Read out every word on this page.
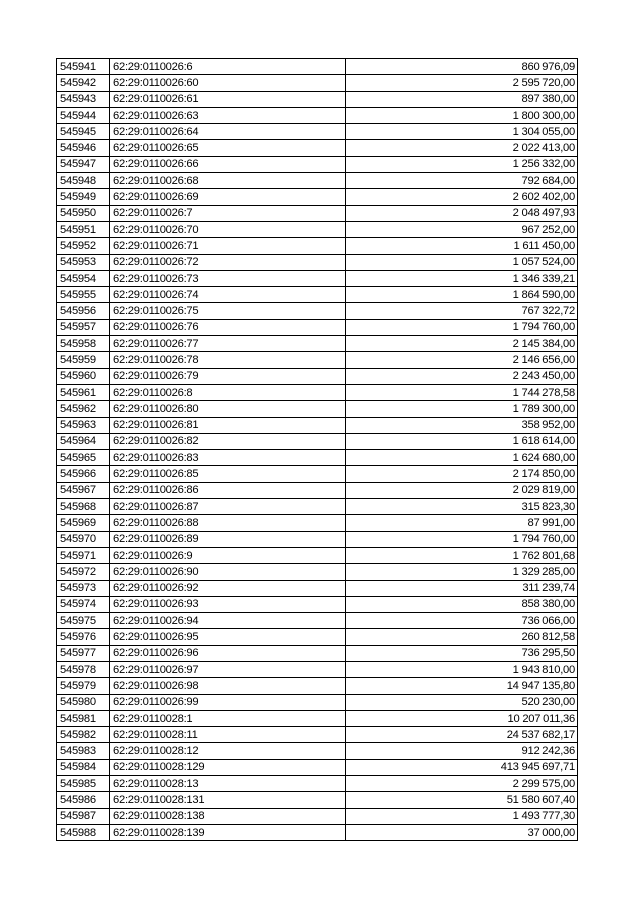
545941	62:29:0110026:6	860 976,09
545942	62:29:0110026:60	2 595 720,00
545943	62:29:0110026:61	897 380,00
545944	62:29:0110026:63	1 800 300,00
545945	62:29:0110026:64	1 304 055,00
545946	62:29:0110026:65	2 022 413,00
545947	62:29:0110026:66	1 256 332,00
545948	62:29:0110026:68	792 684,00
545949	62:29:0110026:69	2 602 402,00
545950	62:29:0110026:7	2 048 497,93
545951	62:29:0110026:70	967 252,00
545952	62:29:0110026:71	1 611 450,00
545953	62:29:0110026:72	1 057 524,00
545954	62:29:0110026:73	1 346 339,21
545955	62:29:0110026:74	1 864 590,00
545956	62:29:0110026:75	767 322,72
545957	62:29:0110026:76	1 794 760,00
545958	62:29:0110026:77	2 145 384,00
545959	62:29:0110026:78	2 146 656,00
545960	62:29:0110026:79	2 243 450,00
545961	62:29:0110026:8	1 744 278,58
545962	62:29:0110026:80	1 789 300,00
545963	62:29:0110026:81	358 952,00
545964	62:29:0110026:82	1 618 614,00
545965	62:29:0110026:83	1 624 680,00
545966	62:29:0110026:85	2 174 850,00
545967	62:29:0110026:86	2 029 819,00
545968	62:29:0110026:87	315 823,30
545969	62:29:0110026:88	87 991,00
545970	62:29:0110026:89	1 794 760,00
545971	62:29:0110026:9	1 762 801,68
545972	62:29:0110026:90	1 329 285,00
545973	62:29:0110026:92	311 239,74
545974	62:29:0110026:93	858 380,00
545975	62:29:0110026:94	736 066,00
545976	62:29:0110026:95	260 812,58
545977	62:29:0110026:96	736 295,50
545978	62:29:0110026:97	1 943 810,00
545979	62:29:0110026:98	14 947 135,80
545980	62:29:0110026:99	520 230,00
545981	62:29:0110028:1	10 207 011,36
545982	62:29:0110028:11	24 537 682,17
545983	62:29:0110028:12	912 242,36
545984	62:29:0110028:129	413 945 697,71
545985	62:29:0110028:13	2 299 575,00
545986	62:29:0110028:131	51 580 607,40
545987	62:29:0110028:138	1 493 777,30
545988	62:29:0110028:139	37 000,00
